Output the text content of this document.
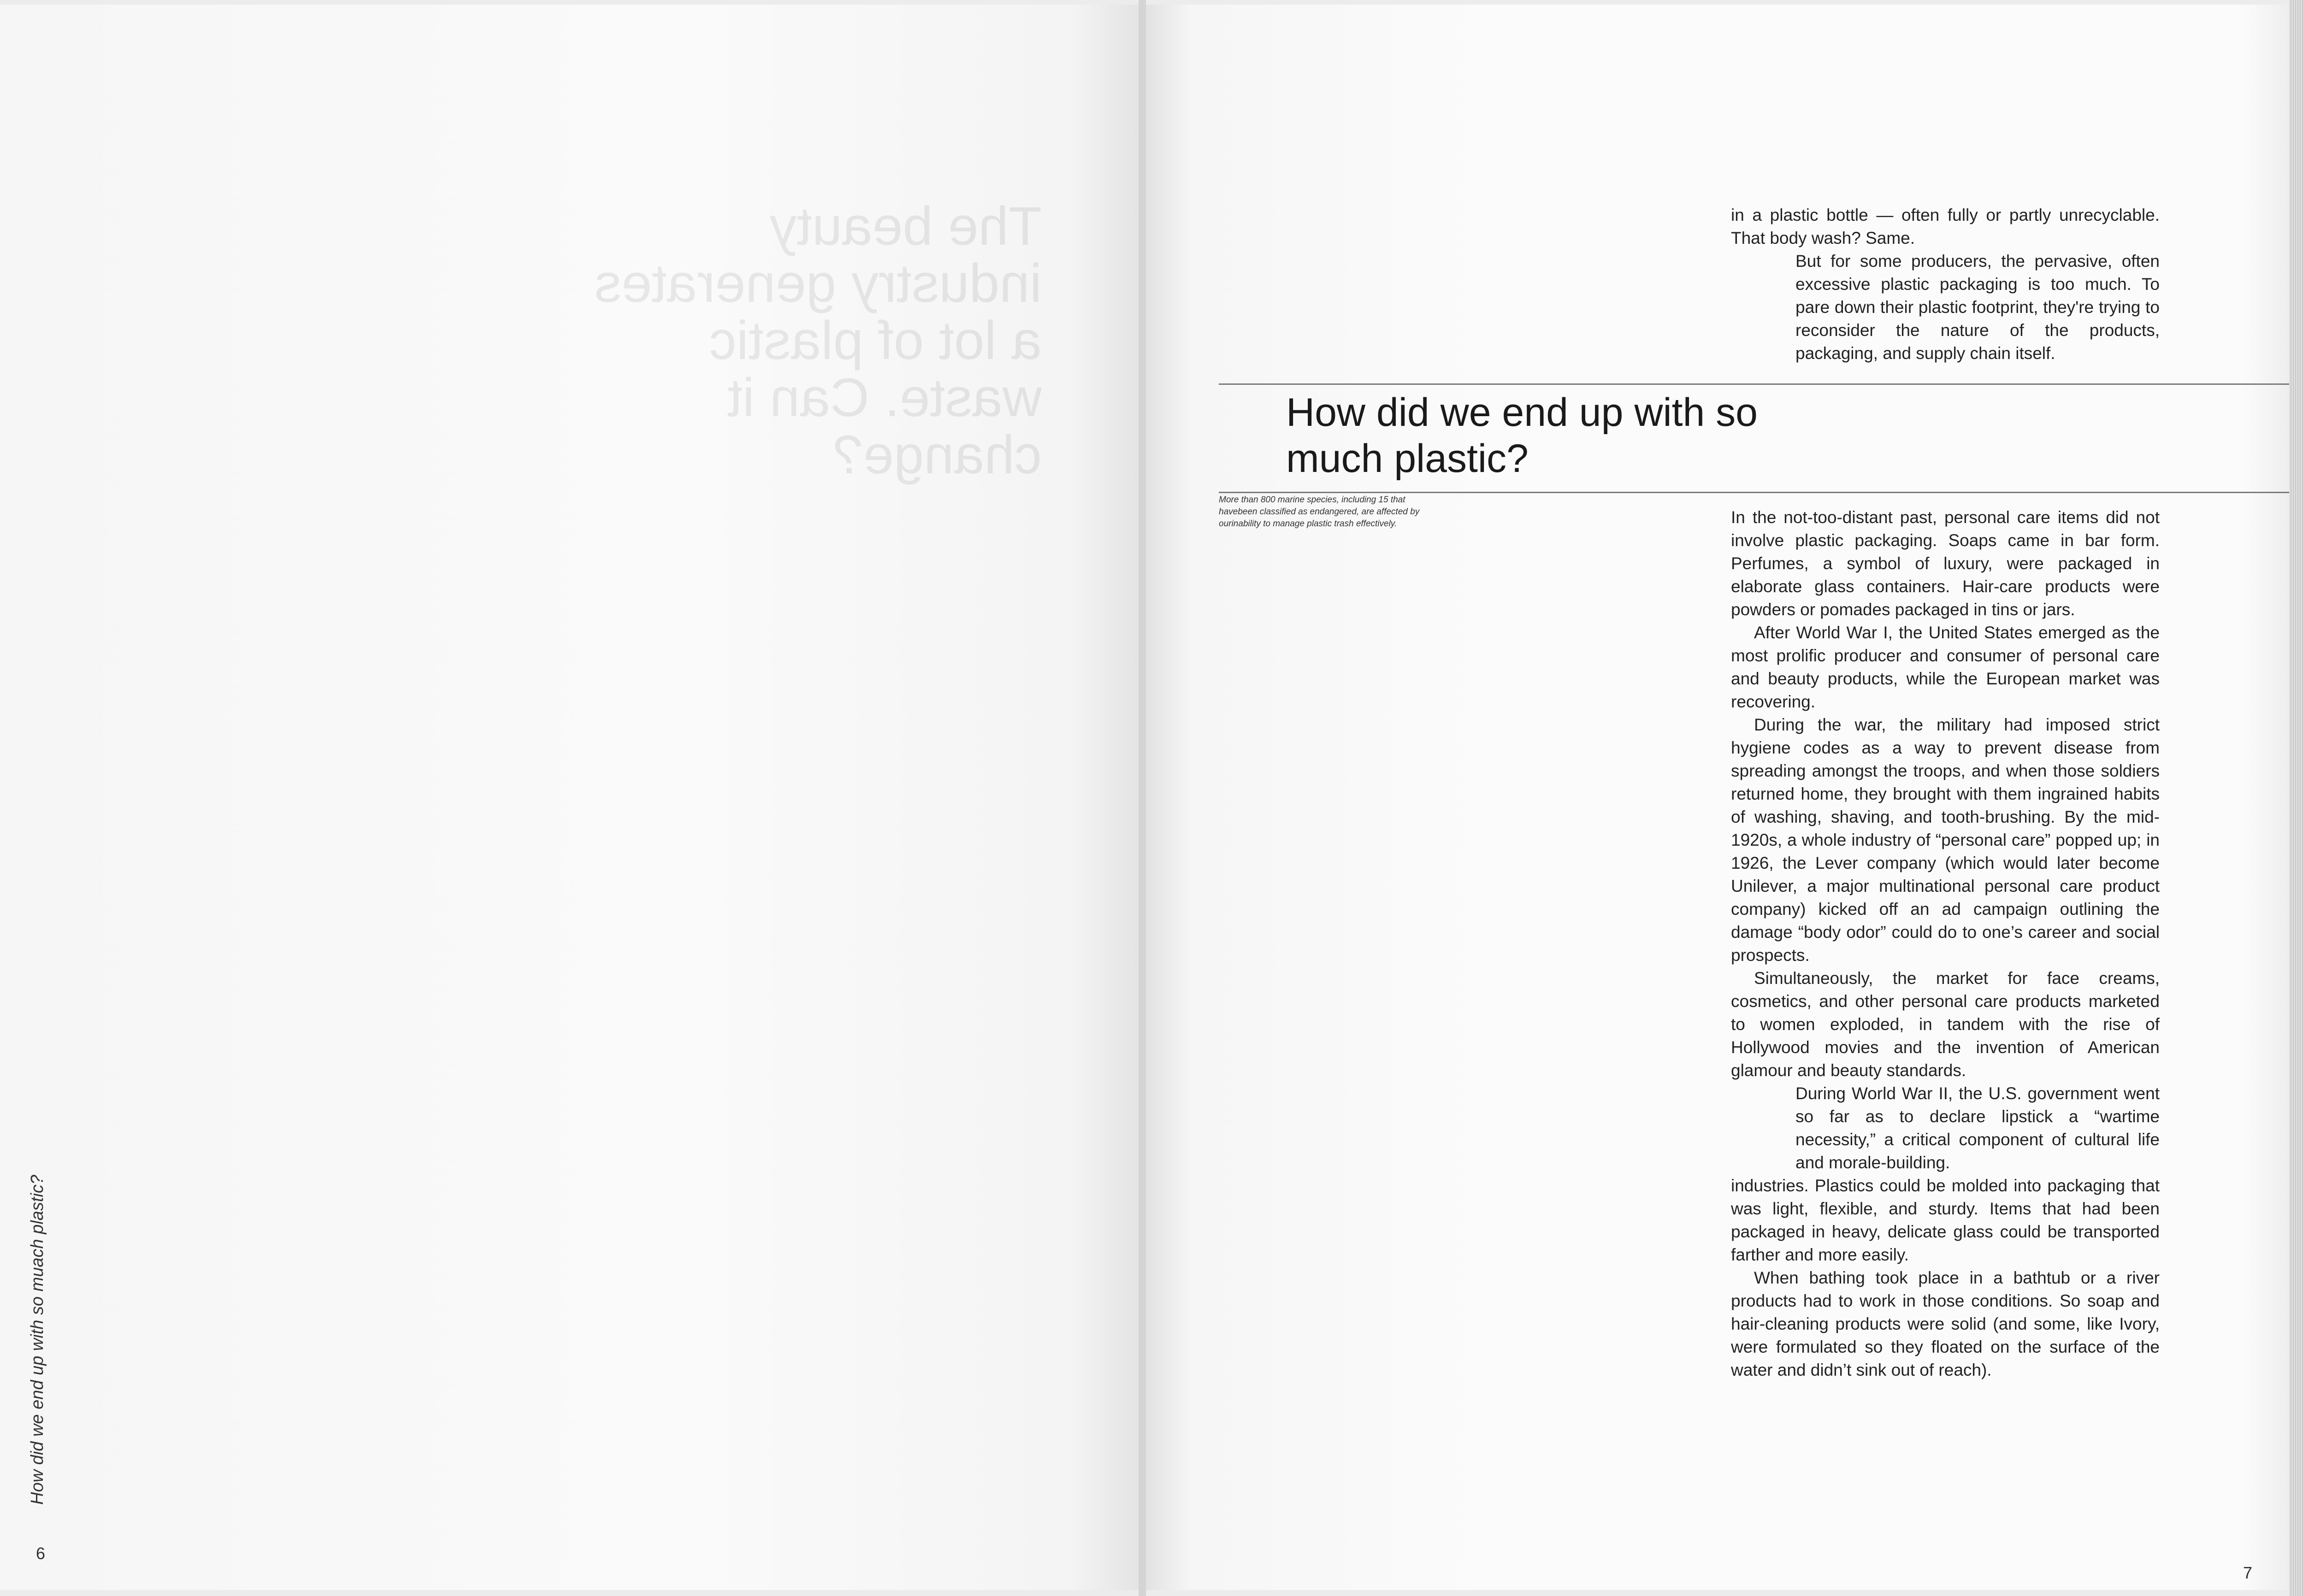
The beauty industry generates a lot of plastic waste. Can it change?

How did we end up with so muach plastic?
6
7

in a plastic bottle — often fully or partly unrecyclable. That body wash? Same.

But for some producers, the pervasive, often excessive plastic packaging is too much. To pare down their plastic footprint, they're trying to reconsider the nature of the products, packaging, and supply chain itself.

How did we end up with so much plastic?
More than 800 marine species, including 15 that havebeen classified as endangered, are affected by ourinability to manage plastic trash effectively.	In the not-too-distant past, personal care items did not involve plastic packaging. Soaps came in bar form. Perfumes, a symbol of luxury, were packaged in elaborate glass containers. Hair-care products were powders or pomades packaged in tins or jars.

After World War I, the United States emerged as the most prolific producer and consumer of personal care and beauty products, while the European market was recovering.

During the war, the military had imposed strict hygiene codes as a way to prevent disease from spreading amongst the troops, and when those soldiers returned home, they brought with them ingrained habits of washing, shaving, and tooth-brushing. By the mid-1920s, a whole industry of “personal care” popped up; in 1926, the Lever company (which would later become Unilever, a major multinational personal care product company) kicked off an ad campaign outlining the damage “body odor” could do to one’s career and social prospects.

Simultaneously, the market for face creams, cosmetics, and other personal care products marketed to women exploded, in tandem with the rise of Hollywood movies and the invention of American glamour and beauty standards.

During World War II, the U.S. government went so far as to declare lipstick a “wartime necessity,” a critical component of cultural life and morale-building.

industries. Plastics could be molded into packaging that was light, flexible, and sturdy. Items that had been packaged in heavy, delicate glass could be transported farther and more easily.

When bathing took place in a bathtub or a river products had to work in those conditions. So soap and hair-cleaning products were solid (and some, like Ivory, were formulated so they floated on the surface of the water and didn’t sink out of reach).
